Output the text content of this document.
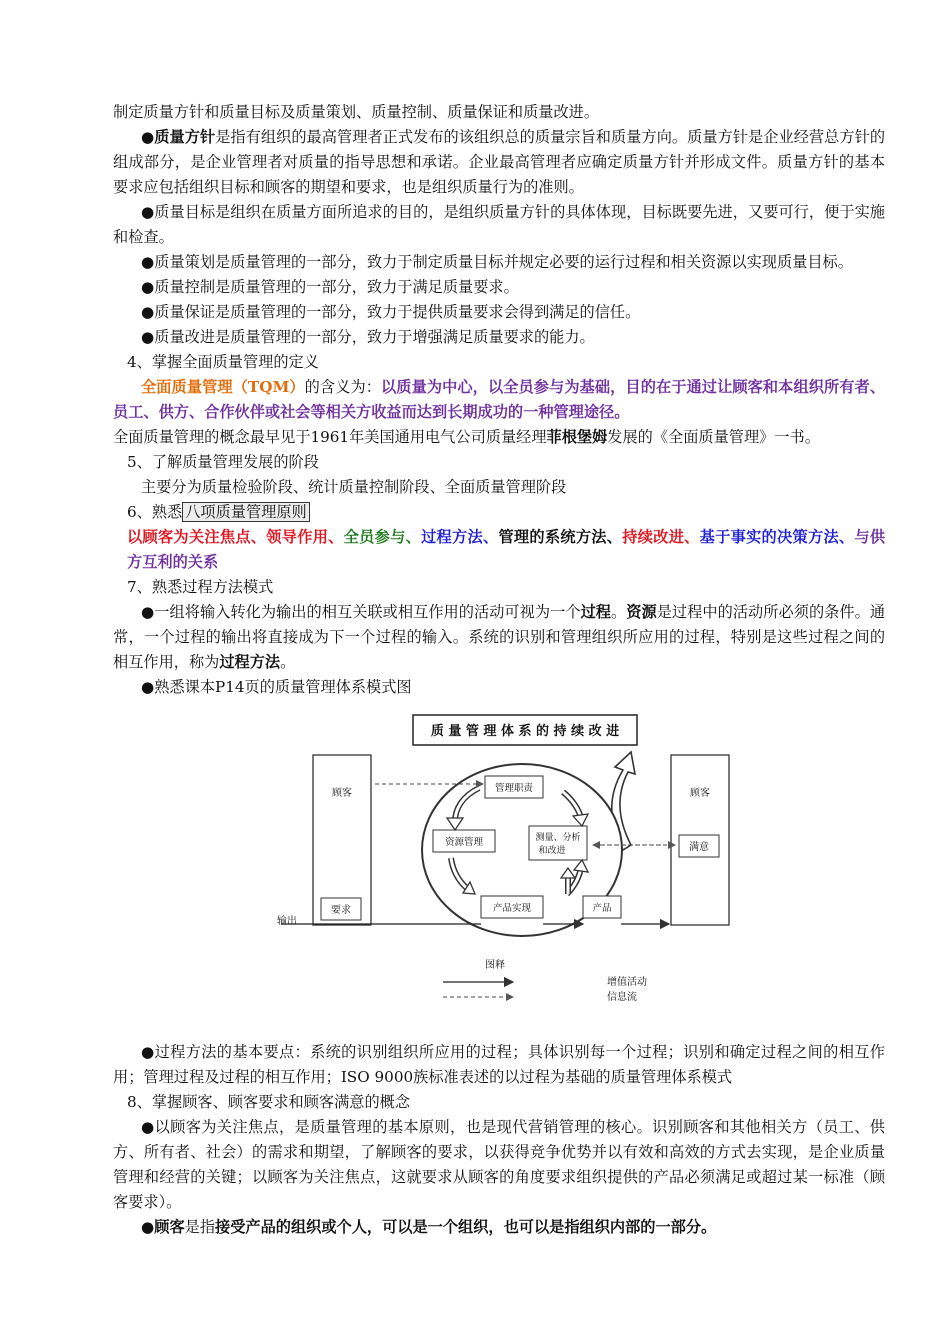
制定质量方针和质量目标及质量策划、质量控制、质量保证和质量改进。

●质量方针是指有组织的最高管理者正式发布的该组织总的质量宗旨和质量方向。质量方针是企业经营总方针的组成部分，是企业管理者对质量的指导思想和承诺。企业最高管理者应确定质量方针并形成文件。质量方针的基本要求应包括组织目标和顾客的期望和要求，也是组织质量行为的准则。

●质量目标是组织在质量方面所追求的目的，是组织质量方针的具体体现，目标既要先进，又要可行，便于实施和检查。

●质量策划是质量管理的一部分，致力于制定质量目标并规定必要的运行过程和相关资源以实现质量目标。

●质量控制是质量管理的一部分，致力于满足质量要求。

●质量保证是质量管理的一部分，致力于提供质量要求会得到满足的信任。

●质量改进是质量管理的一部分，致力于增强满足质量要求的能力。

4、掌握全面质量管理的定义

全面质量管理（TQM）的含义为：以质量为中心，以全员参与为基础，目的在于通过让顾客和本组织所有者、员工、供方、合作伙伴或社会等相关方收益而达到长期成功的一种管理途径。

全面质量管理的概念最早见于1961年美国通用电气公司质量经理菲根堡姆发展的《全面质量管理》一书。

5、了解质量管理发展的阶段

主要分为质量检验阶段、统计质量控制阶段、全面质量管理阶段

6、熟悉 八项质量管理原则

以顾客为关注焦点、领导作用、全员参与、过程方法、管理的系统方法、持续改进、基于事实的决策方法、与供方互利的关系

7、熟悉过程方法模式

●一组将输入转化为输出的相互关联或相互作用的活动可视为一个过程。资源是过程中的活动所必须的条件。通常，一个过程的输出将直接成为下一个过程的输入。系统的识别和管理组织所应用的过程，特别是这些过程之间的相互作用，称为过程方法。

●熟悉课本P14页的质量管理体系模式图

质 量 管 理 体 系 的 持 续 改 进
顾客
要求
顾客
满意
管理职责
资源管理	测量、分析
和改进
产品实现	产品
输出
图释
增值活动
信息流

●过程方法的基本要点：系统的识别组织所应用的过程；具体识别每一个过程；识别和确定过程之间的相互作用；管理过程及过程的相互作用；ISO 9000族标准表述的以过程为基础的质量管理体系模式

8、掌握顾客、顾客要求和顾客满意的概念

●以顾客为关注焦点，是质量管理的基本原则，也是现代营销管理的核心。识别顾客和其他相关方（员工、供方、所有者、社会）的需求和期望，了解顾客的要求，以获得竞争优势并以有效和高效的方式去实现，是企业质量管理和经营的关键；以顾客为关注焦点，这就要求从顾客的角度要求组织提供的产品必须满足或超过某一标准（顾客要求）。

●顾客是指接受产品的组织或个人，可以是一个组织，也可以是指组织内部的一部分。
